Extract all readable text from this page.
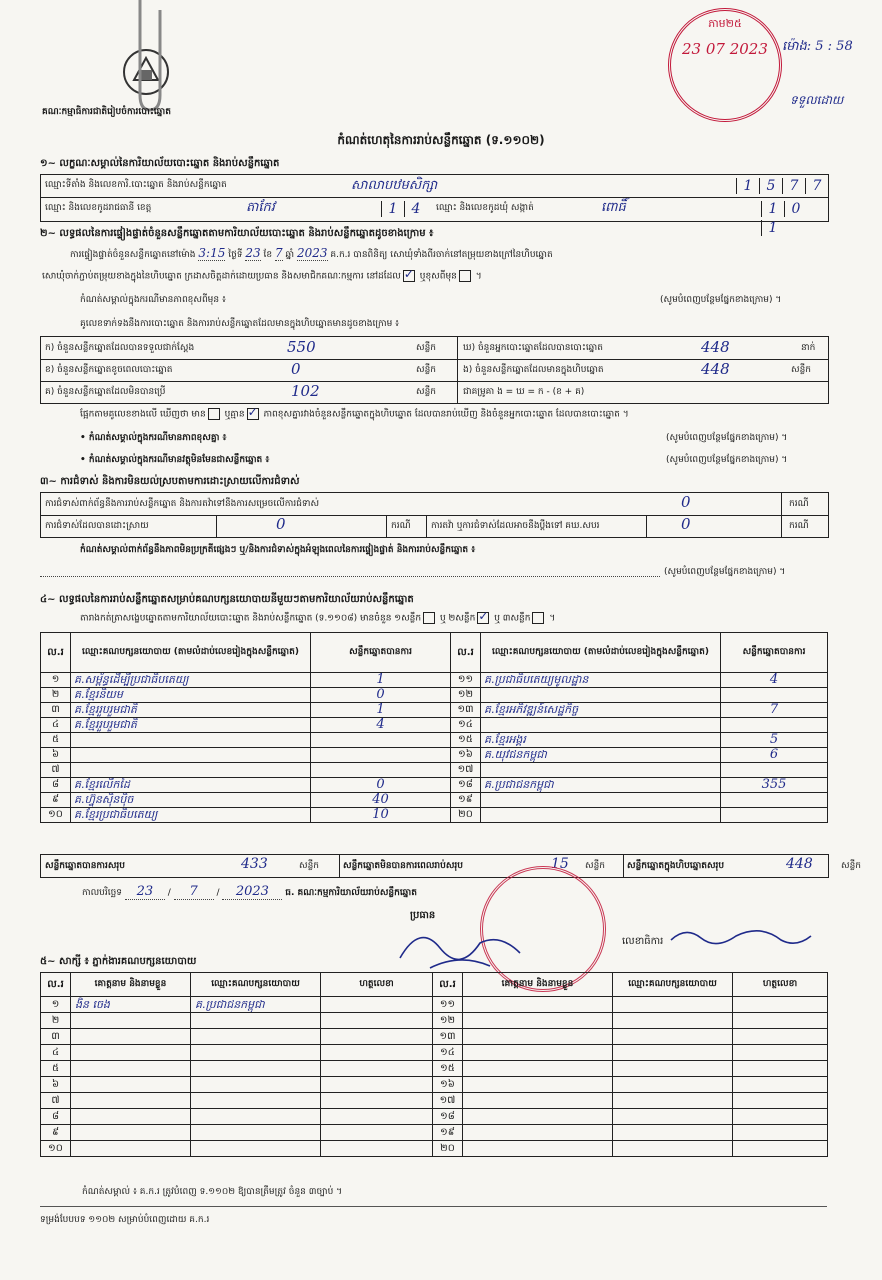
គណៈកម្មាធិការជាតិរៀបចំការបោះឆ្នោត
ភាម២៥
23 07 2023 ម៉ោង: 5 : 58
ទទួលដោយ
កំណត់ហេតុនៃការរាប់សន្លឹកឆ្នោត (ទ.១១០២)
១~ លក្ខណៈសម្គាល់នៃការិយាល័យបោះឆ្នោត និងរាប់សន្លឹកឆ្នោត
ឈ្មោះទីតាំង និងលេខការិ.បោះឆ្នោត និងរាប់សន្លឹកឆ្នោត	សាលាបឋមសិក្សា	1 5 7 7
ឈ្មោះ និងលេខកូដរាជធានី ខេត្ត	តាកែវ	1 4	ឈ្មោះ និងលេខកូដឃុំ សង្កាត់	ពោធិ៍	1 01
២~ លទ្ធផលនៃការផ្ទៀងផ្ទាត់ចំនួនសន្លឹកឆ្នោតតាមការិយាល័យបោះឆ្នោត និងរាប់សន្លឹកឆ្នោតដូចខាងក្រោម ៖
ការផ្ទៀងផ្ទាត់ចំនួនសន្លឹកឆ្នោតនៅម៉ោង 3:15 ថ្ងៃទី 23 ខែ 7 ឆ្នាំ 2023 គ.ក.រ បានពិនិត្យ សោឃុំទាំងពីរចាក់នៅតម្រុយខាងក្រៅនៃហិបឆ្នោត
សោឃុំចាក់ភ្ជាប់តម្រុយខាងក្នុងនៃហិបឆ្នោត ក្រដាសចិត្តដាក់ដោយប្រធាន និងសមាជិកគណៈកម្មការ នៅដដែល ✓ ឬខុសពីមុន ។
កំណត់សម្គាល់ក្នុងករណីមានភាពខុសពីមុន ៖	(សូមបំពេញបន្ថែមផ្នែកខាងក្រោម) ។
គូលេខទាក់ទងនឹងការបោះឆ្នោត និងការរាប់សន្លឹកឆ្នោតដែលមានក្នុងហិបឆ្នោតមានដូចខាងក្រោម ៖
ក) ចំនួនសន្លឹកឆ្នោតដែលបានទទួលជាក់ស្តែង	550	សន្លឹក
ខ) ចំនួនសន្លឹកឆ្នោតខូចពេលបោះឆ្នោត	0	សន្លឹក
គ) ចំនួនសន្លឹកឆ្នោតដែលមិនបានប្រើ	102	សន្លឹក
ឃ) ចំនួនអ្នកបោះឆ្នោតដែលបានបោះឆ្នោត	448	នាក់
ង) ចំនួនសន្លឹកឆ្នោតដែលមានក្នុងហិបឆ្នោត	448	សន្លឹក
ជាគម្រូគា ង = ឃ = ក - (ខ + គ)
ផ្អែកតាមគូលេខខាងលើ ឃើញថា មាន ឬគ្មាន ✓ ភាពខុសគ្នារវាងចំនួនសន្លឹកឆ្នោតក្នុងហិបឆ្នោត ដែលបានរាប់ឃើញ និងចំនួនអ្នកបោះឆ្នោត ដែលបានបោះឆ្នោត ។
• កំណត់សម្គាល់ក្នុងករណីមានភាពខុសគ្នា ៖	(សូមបំពេញបន្ថែមផ្នែកខាងក្រោម) ។
• កំណត់សម្គាល់ក្នុងករណីមានវត្ថុមិនមែនជាសន្លឹកឆ្នោត ៖	(សូមបំពេញបន្ថែមផ្នែកខាងក្រោម) ។
៣~ ការជំទាស់ និងការមិនយល់ស្របតាមការដោះស្រាយលើការជំទាស់
ការជំទាស់ពាក់ព័ន្ធនឹងការរាប់សន្លឹកឆ្នោត និងការតវ៉ាទៅនឹងការសម្រេចលើការជំទាស់	0	ករណី
ការជំទាស់ដែលបានដោះស្រាយ	0	ករណី ការតវ៉ា ឬការជំទាស់ដែលអាចនឹងប្តឹងទៅ គឃ.សបរ	0	ករណី
កំណត់សម្គាល់ពាក់ព័ន្ធនឹងភាពមិនប្រក្រតីផ្សេងៗ ឬ/និងការជំទាស់ក្នុងអំឡុងពេលនៃការផ្ទៀងផ្ទាត់ និងការរាប់សន្លឹកឆ្នោត ៖
(សូមបំពេញបន្ថែមផ្នែកខាងក្រោម) ។
៤~ លទ្ធផលនៃការរាប់សន្លឹកឆ្នោតសម្រាប់គណបក្សនយោបាយនីមួយៗតាមការិយាល័យរាប់សន្លឹកឆ្នោត
តារាងកត់ត្រាសង្ខេបឆ្នោតតាមការិយាល័យបោះឆ្នោត និងរាប់សន្លឹកឆ្នោត (ទ.១១០៨) មានចំនួន ១សន្លឹក ឬ ២សន្លឹក ✓ ឬ ៣សន្លឹក ។
ល.រ	ឈ្មោះគណបក្សនយោបាយ (តាមលំដាប់លេខរៀងក្នុងសន្លឹកឆ្នោត)	សន្លឹកឆ្នោតបានការ	ល.រ	ឈ្មោះគណបក្សនយោបាយ (តាមលំដាប់លេខរៀងក្នុងសន្លឹកឆ្នោត)	សន្លឹកឆ្នោតបានការ
១	គ.សម្ព័ន្ធដើម្បីប្រជាធិបតេយ្យ	1	១១	គ.ប្រជាធិបតេយ្យមូលដ្ឋាន	4
២	គ.ខ្មែរនិយម	0	១២		
៣	គ.ខ្មែររួបរួមជាតិ	1	១៣	គ.ខ្មែរអភិវឌ្ឍន៍សេដ្ឋកិច្ច	7
៤	គ.ខ្មែររួបរួមជាតិ	4	១៤		
៥			១៥	គ.ខ្មែរអង្គរ	5
៦			១៦	គ.យុវជនកម្ពុជា	6
៧			១៧		
៨	គ.ខ្មែរលើកដៃ	0	១៨	គ.ប្រជាជនកម្ពុជា	355
៩	គ.ហ្វ៊ុនស៊ិនប៉ិច	40	១៩		
១០	គ.ខ្មែរប្រជាធិបតេយ្យ	10	២០		
សន្លឹកឆ្នោតបានការសរុប	433	សន្លឹក	សន្លឹកឆ្នោតមិនបានការពេលរាប់សរុប	15 សន្លឹក សន្លឹកឆ្នោតក្នុងហិបឆ្នោតសរុប	448	សន្លឹក
កាលបរិច្ឆេទ 23 / 7 / 2023 ធ. គណៈកម្មការិយាល័យរាប់សន្លឹកឆ្នោត
ប្រធាន
លេខាធិការ
៥~ សាក្សី ៖ ភ្នាក់ងារគណបក្សនយោបាយ
ល.រ	គោត្តនាម និងនាមខ្លួន	ឈ្មោះគណបក្សនយោបាយ	ហត្ថលេខា	ល.រ	គោត្តនាម និងនាមខ្លួន	ឈ្មោះគណបក្សនយោបាយ	ហត្ថលេខា
១	ងិន ចេង	គ.ប្រជាជនកម្ពុជា		១១			
២				១២			
៣				១៣			
៤				១៤			
៥				១៥			
៦				១៦			
៧				១៧			
៨				១៨			
៩				១៩			
១០				២០			
កំណត់សម្គាល់ ៖ គ.ក.រ ត្រូវបំពេញ ទ.១១០២ ឱ្យបានត្រឹមត្រូវ ចំនួន ៣ច្បាប់ ។
ទម្រង់បែបបទ ១១០២ សម្រាប់បំពេញដោយ គ.ក.រ
